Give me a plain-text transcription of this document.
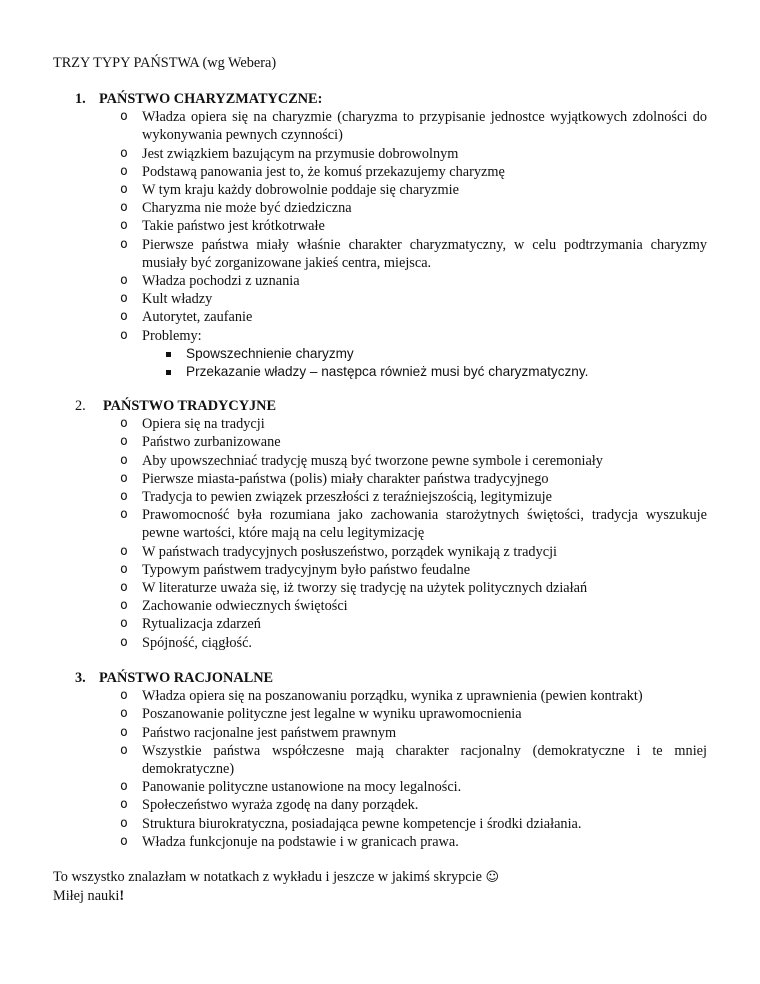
TRZY TYPY PAŃSTWA (wg Webera)
1. PAŃSTWO CHARYZMATYCZNE:
o Władza opiera się na charyzmie (charyzma to przypisanie jednostce wyjątkowych zdolności do wykonywania pewnych czynności)
o Jest związkiem bazującym na przymusie dobrowolnym
o Podstawą panowania jest to, że komuś przekazujemy charyzmę
o W tym kraju każdy dobrowolnie poddaje się charyzmie
o Charyzma nie może być dziedziczna
o Takie państwo jest krótkotrwałe
o Pierwsze państwa miały właśnie charakter charyzmatyczny, w celu podtrzymania charyzmy musiały być zorganizowane jakieś centra, miejsca.
o Władza pochodzi z uznania
o Kult władzy
o Autorytet, zaufanie
o Problemy:
Spowszechnienie charyzmy
Przekazanie władzy – następca również musi być charyzmatyczny.
2. PAŃSTWO TRADYCYJNE
o Opiera się na tradycji
o Państwo zurbanizowane
o Aby upowszechniać tradycję muszą być tworzone pewne symbole i ceremoniały
o Pierwsze miasta-państwa (polis) miały charakter państwa tradycyjnego
o Tradycja to pewien związek przeszłości z teraźniejszością, legitymizuje
o Prawomocność była rozumiana jako zachowania starożytnych świętości, tradycja wyszukuje pewne wartości, które mają na celu legitymizację
o W państwach tradycyjnych posłuszeństwo, porządek wynikają z tradycji
o Typowym państwem tradycyjnym było państwo feudalne
o W literaturze uważa się, iż tworzy się tradycję na użytek politycznych działań
o Zachowanie odwiecznych świętości
o Rytualizacja zdarzeń
o Spójność, ciągłość.
3. PAŃSTWO RACJONALNE
o Władza opiera się na poszanowaniu porządku, wynika z uprawnienia (pewien kontrakt)
o Poszanowanie polityczne jest legalne w wyniku uprawomocnienia
o Państwo racjonalne jest państwem prawnym
o Wszystkie państwa współczesne mają charakter racjonalny (demokratyczne i te mniej demokratyczne)
o Panowanie polityczne ustanowione na mocy legalności.
o Społeczeństwo wyraża zgodę na dany porządek.
o Struktura biurokratyczna, posiadająca pewne kompetencje i środki działania.
o Władza funkcjonuje na podstawie i w granicach prawa.
To wszystko znalazłam w notatkach z wykładu i jeszcze w jakimś skrypcie ☺
Miłej nauki!
